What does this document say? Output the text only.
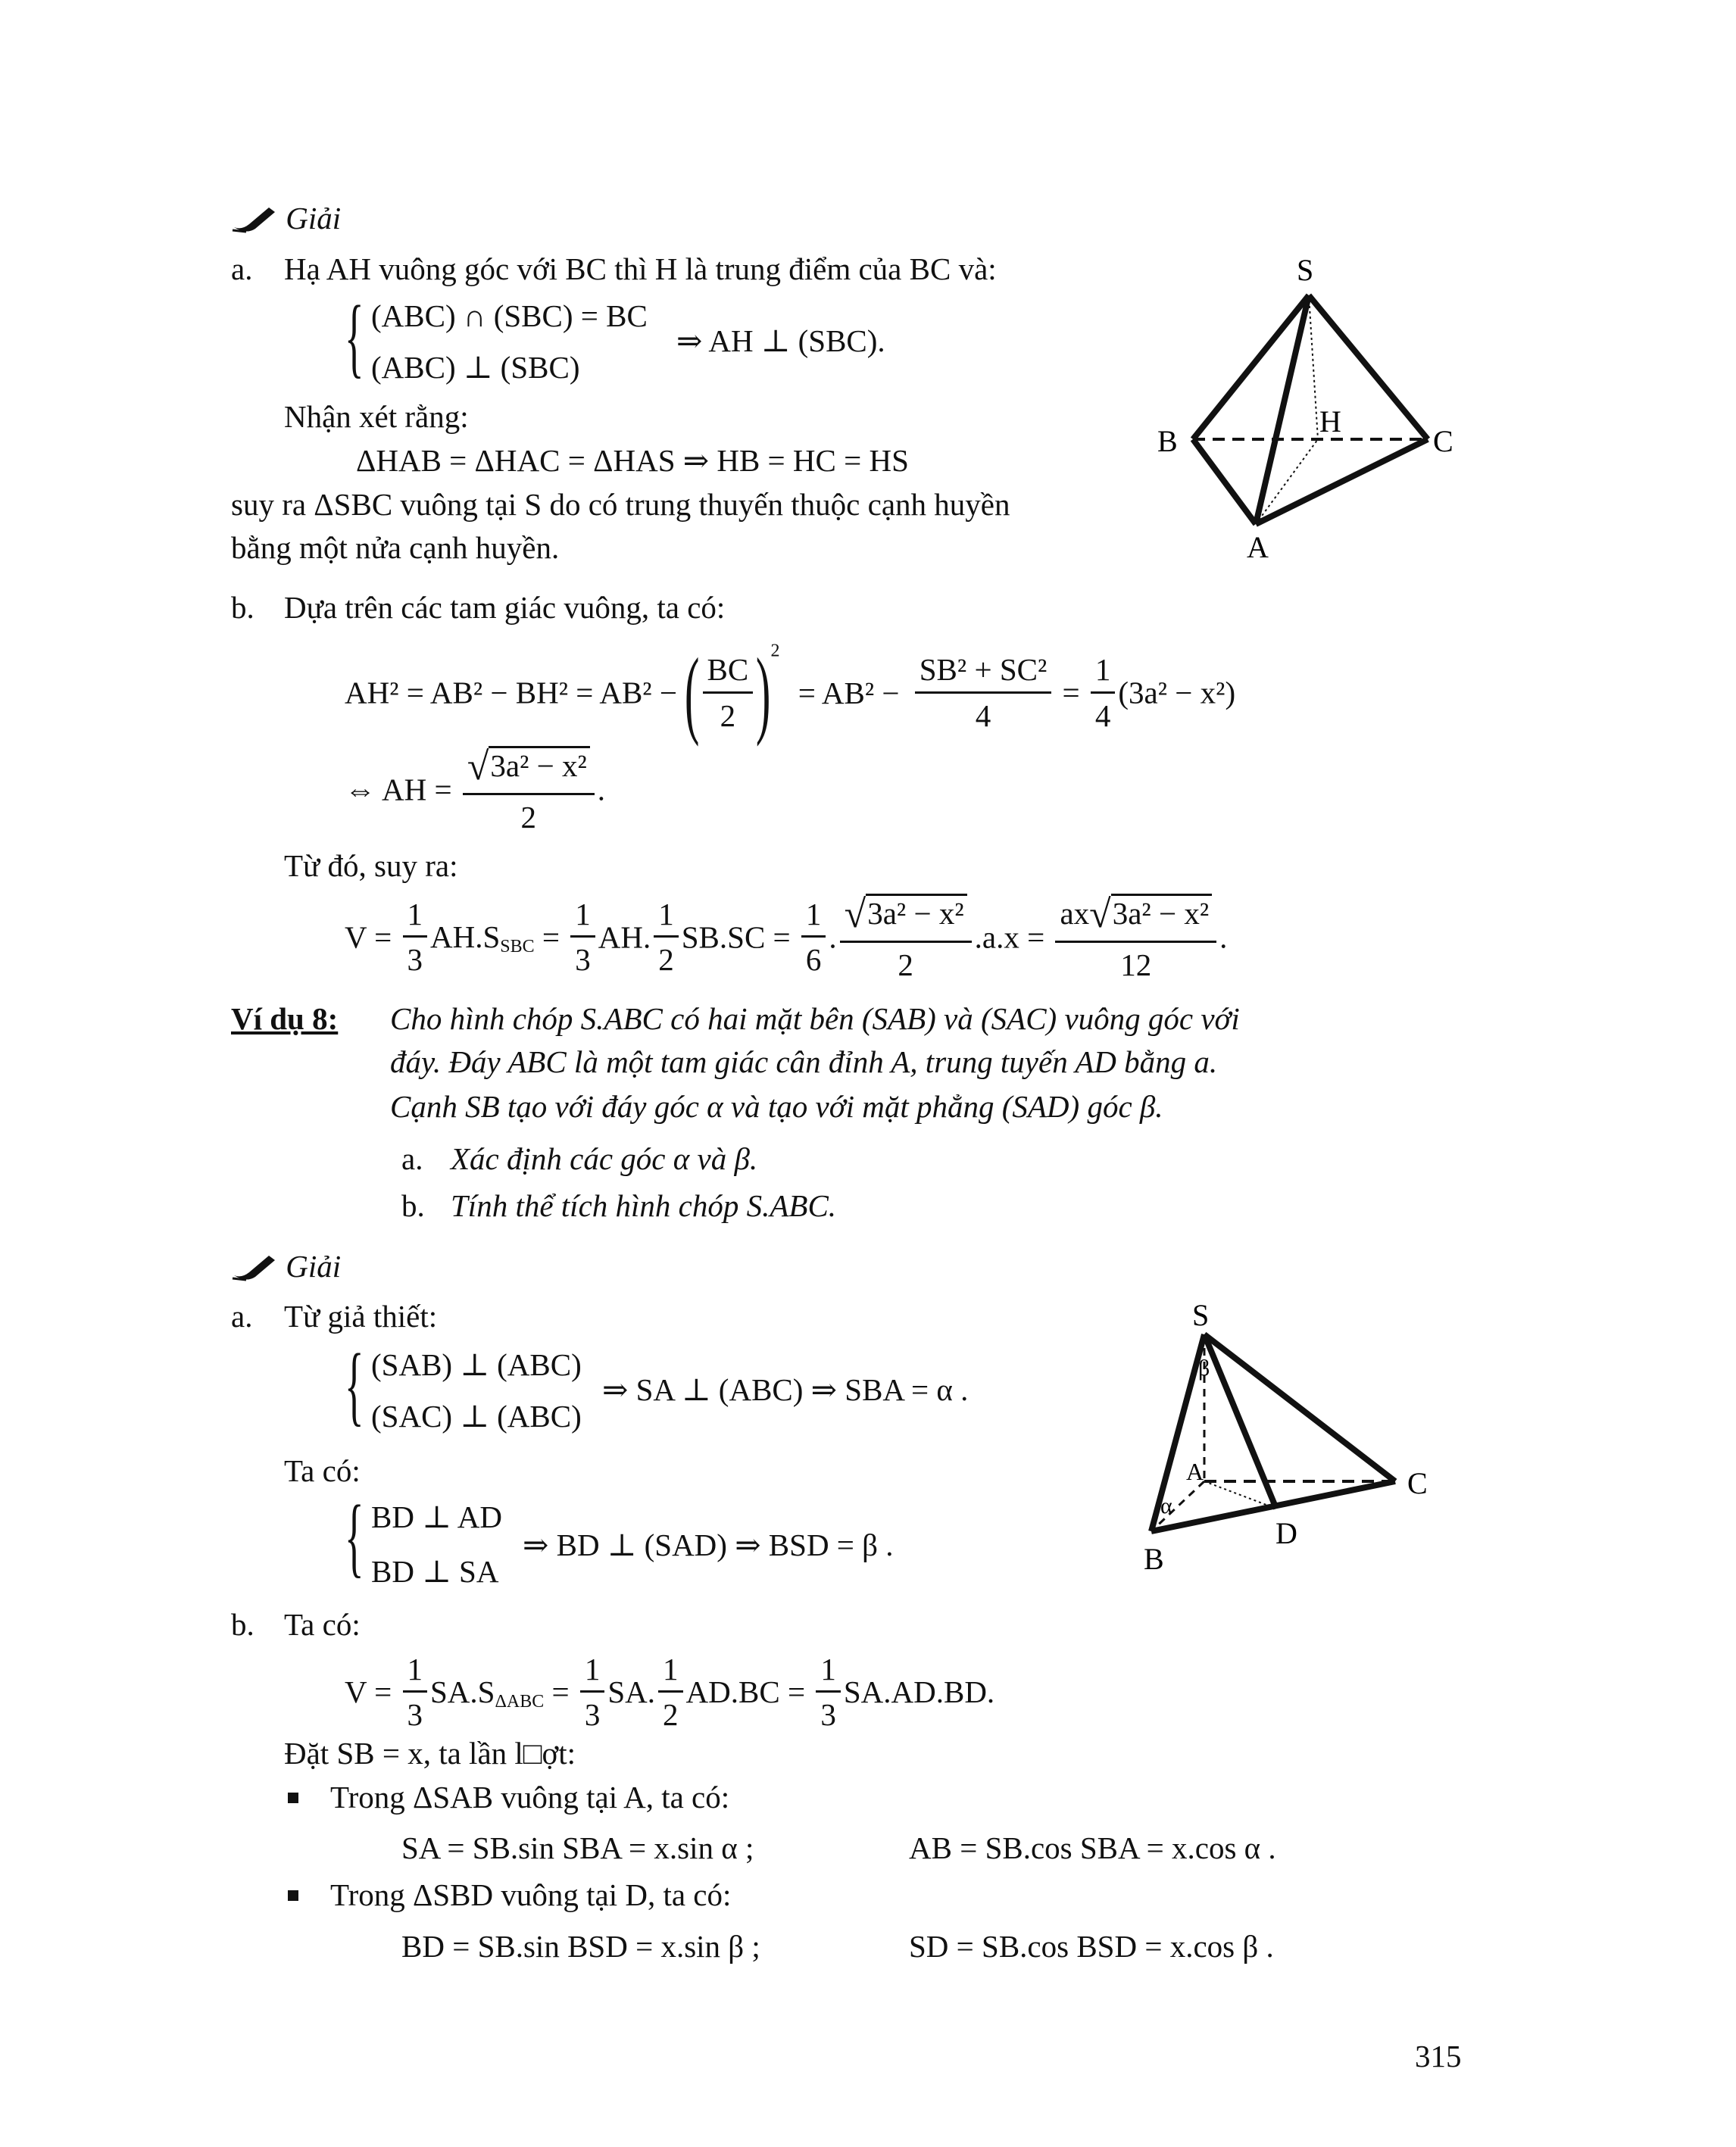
Giải
a. Hạ AH vuông góc với BC thì H là trung điểm của BC và:
{ (ABC) ∩ (SBC) = BC
(ABC) ⊥ (SBC)
⇒ AH ⊥ (SBC).
Nhận xét rằng:
ΔHAB = ΔHAC = ΔHAS ⇒ HB = HC = HS
suy ra ΔSBC vuông tại S do có trung thuyến thuộc cạnh huyền
bằng một nửa cạnh huyền.
S
B
H
C
A
b. Dựa trên các tam giác vuông, ta có:
AH² = AB² − BH² = AB² − ( $\frac{BC}{2} )^2 = AB^2 - \frac{\text{SB² + SC²}}{4} = \frac{1}{4} (3a^2 - x^2)$
⇔ AH = $\frac{\text{√3a² − x²}}{2}$ .
Từ đó, suy ra:
$V = \frac{1}{3} AH.S_{SBC} = \frac{1}{3}$ AH. $\frac{1}{2} SB.SC = \frac{1}{6}$ . $\frac{\text{√3a² − x²}}{2} .a.x = \frac{\text{ax√3a² − x²}}{12}$ .
Ví dụ 8: Cho hình chóp S.ABC có hai mặt bên (SAB) và (SAC) vuông góc với
đáy. Đáy ABC là một tam giác cân đỉnh A, trung tuyến AD bằng a.
Cạnh SB tạo với đáy góc α và tạo với mặt phẳng (SAD) góc β.
a. Xác định các góc α và β.
b. Tính thể tích hình chóp S.ABC.
Giải
a. Từ giả thiết:
{ (SAB) ⊥ (ABC)
(SAC) ⊥ (ABC)
⇒ SA ⊥ (ABC) ⇒ SBA = α .
Ta có:
{ BD ⊥ AD
BD ⊥ SA
⇒ BD ⊥ (SAD) ⇒ BSD = β .
S
β
A
α
C
D
B
b. Ta có:
$V = \frac{1}{3} SA.S_{\Delta ABC} = \frac{1}{3}$ SA. $\frac{1}{2} AD.BC = \frac{1}{3} SA.AD.BD$.
Đặt SB = x, ta lần l□ợt:
Trong ΔSAB vuông tại A, ta có:
SA = SB.sin SBA = x.sin α ;	AB = SB.cos SBA = x.cos α .
Trong ΔSBD vuông tại D, ta có:
BD = SB.sin BSD = x.sin β ;	SD = SB.cos BSD = x.cos β .
315
